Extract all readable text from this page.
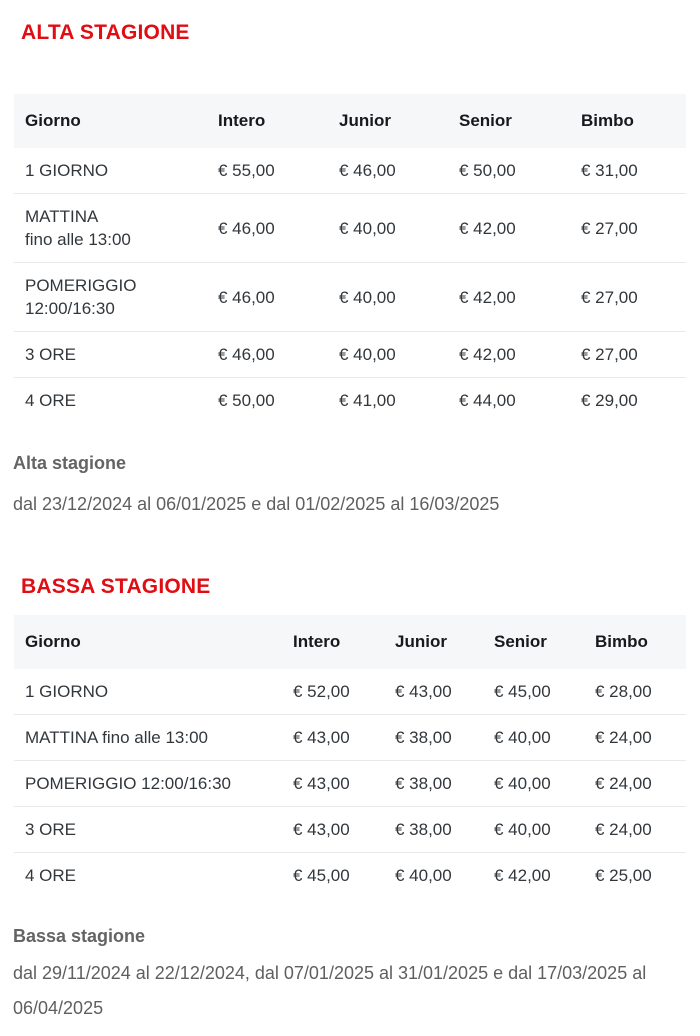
ALTA STAGIONE
Giorno	Intero	Junior	Senior	Bimbo
1 GIORNO	€ 55,00	€ 46,00	€ 50,00	€ 31,00
MATTINA
fino alle 13:00	€ 46,00	€ 40,00	€ 42,00	€ 27,00
POMERIGGIO
12:00/16:30	€ 46,00	€ 40,00	€ 42,00	€ 27,00
3 ORE	€ 46,00	€ 40,00	€ 42,00	€ 27,00
4 ORE	€ 50,00	€ 41,00	€ 44,00	€ 29,00

Alta stagione

dal 23/12/2024 al 06/01/2025 e dal 01/02/2025 al 16/03/2025

BASSA STAGIONE
Giorno	Intero	Junior	Senior	Bimbo
1 GIORNO	€ 52,00	€ 43,00	€ 45,00	€ 28,00
MATTINA fino alle 13:00	€ 43,00	€ 38,00	€ 40,00	€ 24,00
POMERIGGIO 12:00/16:30	€ 43,00	€ 38,00	€ 40,00	€ 24,00
3 ORE	€ 43,00	€ 38,00	€ 40,00	€ 24,00
4 ORE	€ 45,00	€ 40,00	€ 42,00	€ 25,00

Bassa stagione

dal 29/11/2024 al 22/12/2024, dal 07/01/2025 al 31/01/2025 e dal 17/03/2025 al 06/04/2025
